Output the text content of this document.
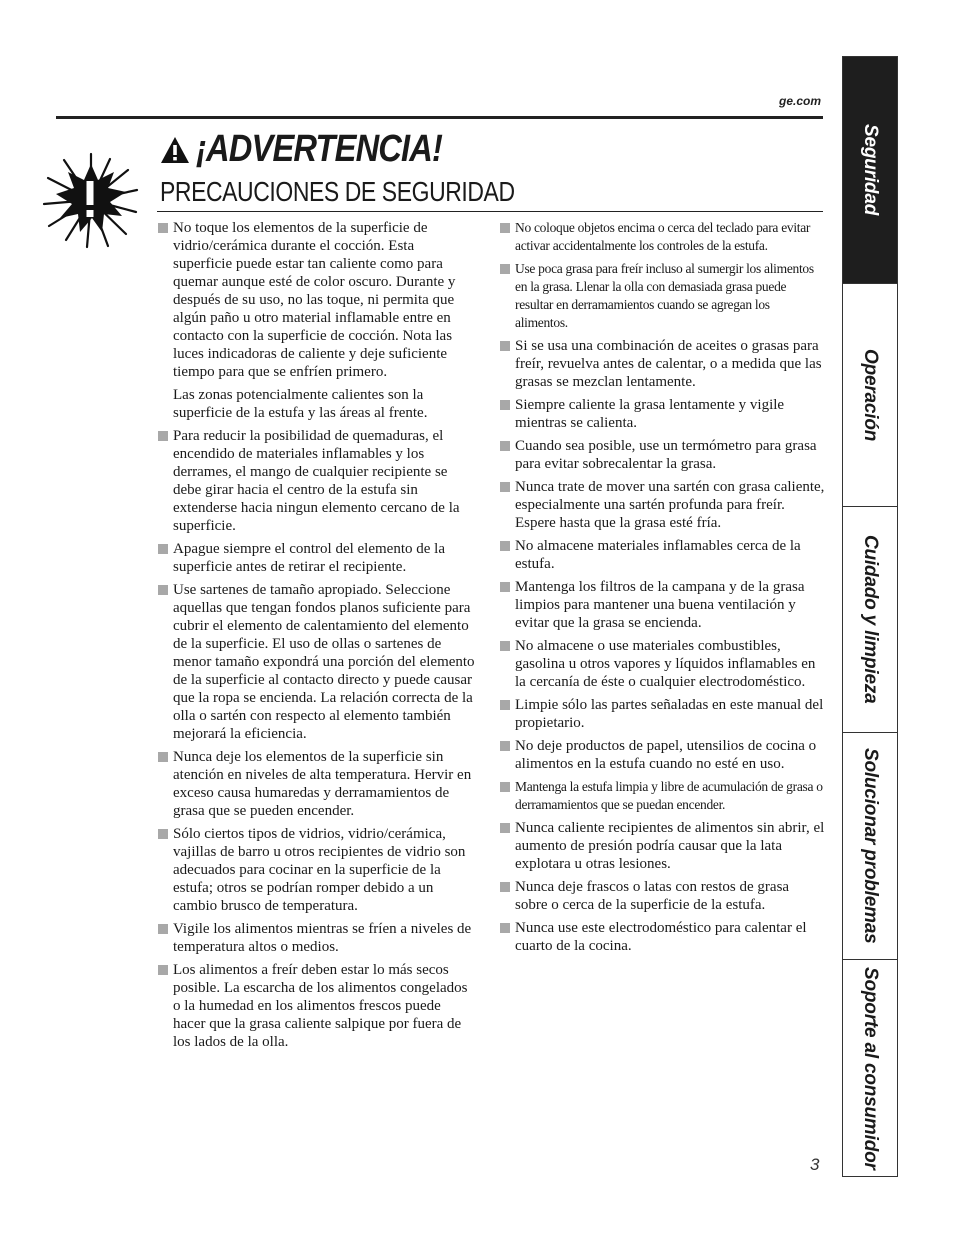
ge.com
¡ADVERTENCIA!
PRECAUCIONES DE SEGURIDAD
No toque los elementos de la superficie de vidrio/cerámica durante el cocción. Esta superficie puede estar tan caliente como para quemar aunque esté de color oscuro. Durante y después de su uso, no las toque, ni permita que algún paño u otro material inflamable entre en contacto con la superficie de cocción. Nota las luces indicadoras de caliente y deje suficiente tiempo para que se enfríen primero.
Las zonas potencialmente calientes son la superficie de la estufa y las áreas al frente.
Para reducir la posibilidad de quemaduras, el encendido de materiales inflamables y los derrames, el mango de cualquier recipiente se debe girar hacia el centro de la estufa sin extenderse hacia ningun elemento cercano de la superficie.
Apague siempre el control del elemento de la superficie antes de retirar el recipiente.
Use sartenes de tamaño apropiado. Seleccione aquellas que tengan fondos planos suficiente para cubrir el elemento de calentamiento del elemento de la superficie. El uso de ollas o sartenes de menor tamaño expondrá una porción del elemento de la superficie al contacto directo y puede causar que la ropa se encienda. La relación correcta de la olla o sartén con respecto al elemento también mejorará la eficiencia.
Nunca deje los elementos de la superficie sin atención en niveles de alta temperatura. Hervir en exceso causa humaredas y derramamientos de grasa que se pueden encender.
Sólo ciertos tipos de vidrios, vidrio/cerámica, vajillas de barro u otros recipientes de vidrio son adecuados para cocinar en la superficie de la estufa; otros se podrían romper debido a un cambio brusco de temperatura.
Vigile los alimentos mientras se fríen a niveles de temperatura altos o medios.
Los alimentos a freír deben estar lo más secos posible. La escarcha de los alimentos congelados o la humedad en los alimentos frescos puede hacer que la grasa caliente salpique por fuera de los lados de la olla.
No coloque objetos encima o cerca del teclado para evitar activar accidentalmente los controles de la estufa.
Use poca grasa para freír incluso al sumergir los alimentos en la grasa. Llenar la olla con demasiada grasa puede resultar en derramamientos cuando se agregan los alimentos.
Si se usa una combinación de aceites o grasas para freír, revuelva antes de calentar, o a medida que las grasas se mezclan lentamente.
Siempre caliente la grasa lentamente y vigile mientras se calienta.
Cuando sea posible, use un termómetro para grasa para evitar sobrecalentar la grasa.
Nunca trate de mover una sartén con grasa caliente, especialmente una sartén profunda para freír. Espere hasta que la grasa esté fría.
No almacene materiales inflamables cerca de la estufa.
Mantenga los filtros de la campana y de la grasa limpios para mantener una buena ventilación y evitar que la grasa se encienda.
No almacene o use materiales combustibles, gasolina u otros vapores y líquidos inflamables en la cercanía de éste o cualquier electrodoméstico.
Limpie sólo las partes señaladas en este manual del propietario.
No deje productos de papel, utensilios de cocina o alimentos en la estufa cuando no esté en uso.
Mantenga la estufa limpia y libre de acumulación de grasa o derramamientos que se puedan encender.
Nunca caliente recipientes de alimentos sin abrir, el aumento de presión podría causar que la lata explotara u otras lesiones.
Nunca deje frascos o latas con restos de grasa sobre o cerca de la superficie de la estufa.
Nunca use este electrodoméstico para calentar el cuarto de la cocina.
Seguridad
Operación
Cuidado y limpieza
Solucionar problemas
Soporte al consumidor
3
